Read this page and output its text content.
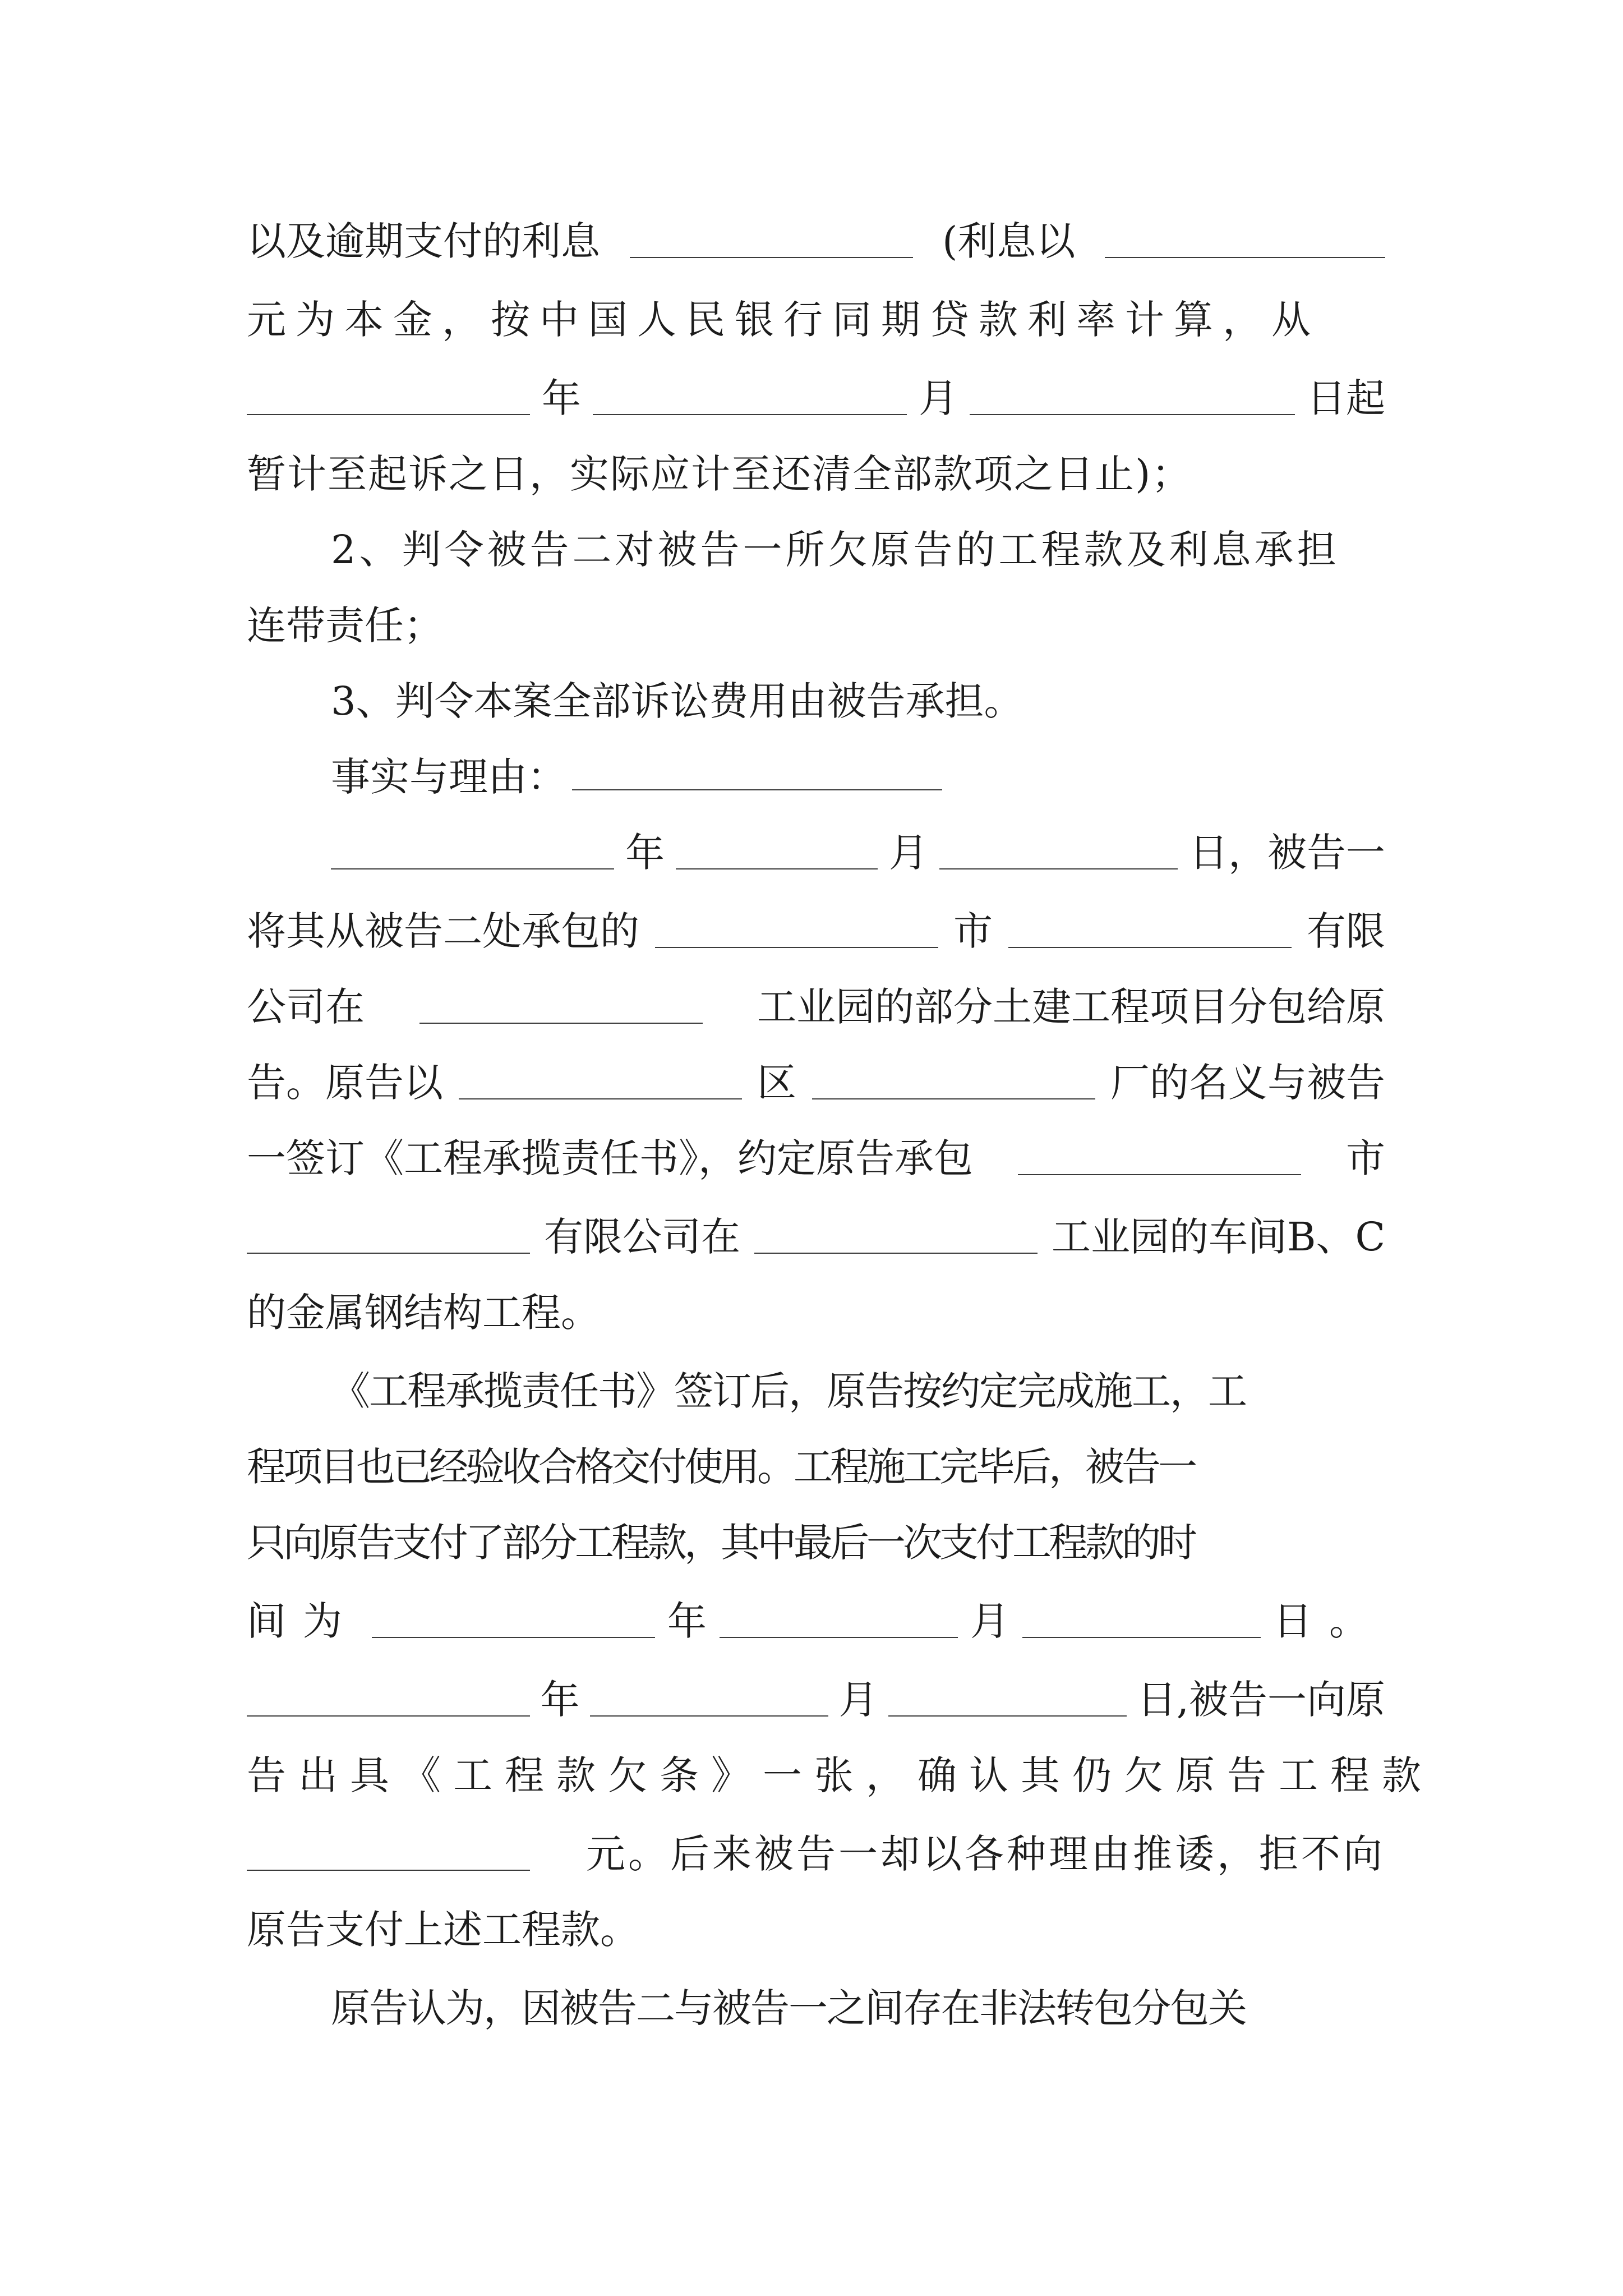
以及逾期支付的利息	(利息以
元为本金，按中国人民银行同期贷款利率计算，从
年	月	日起
暂计至起诉之日，实际应计至还清全部款项之日止)；
2、判令被告二对被告一所欠原告的工程款及利息承担
连带责任；
3、判令本案全部诉讼费用由被告承担。
事实与理由：
年	月	日，被告一
将其从被告二处承包的	市	有限
公司在	工业园的部分土建工程项目分包给原
告。原告以	区	厂的名义与被告
一签订《工程承揽责任书》，约定原告承包	市
有限公司在	工业园的车间B、C
的金属钢结构工程。
《工程承揽责任书》签订后，原告按约定完成施工，工
程项目也已经验收合格交付使用。工程施工完毕后，被告一
只向原告支付了部分工程款，其中最后一次支付工程款的时
间为	年	月	日。
年	月	日,被告一向原
告出具《工程款欠条》一张，确认其仍欠原告工程款
元。后来被告一却以各种理由推诿，拒不向
原告支付上述工程款。
原告认为，因被告二与被告一之间存在非法转包分包关
